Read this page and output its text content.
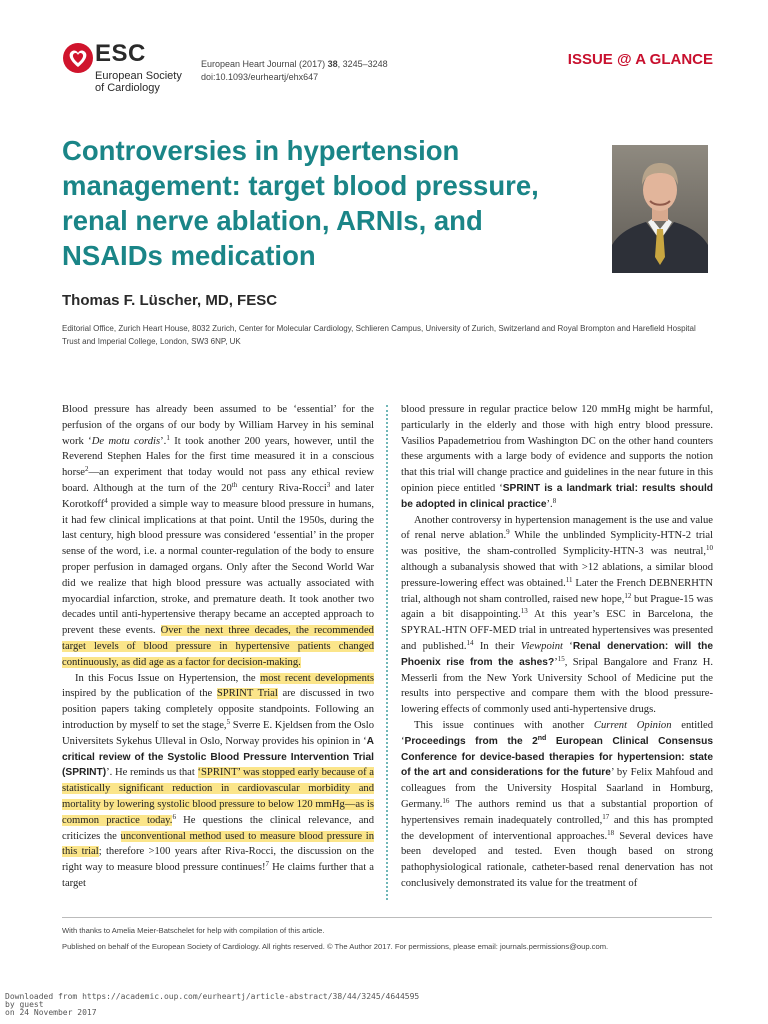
ESC
European Society
of Cardiology
European Heart Journal (2017) 38, 3245–3248
doi:10.1093/eurheartj/ehx647
ISSUE @ A GLANCE
Controversies in hypertension management: target blood pressure, renal nerve ablation, ARNIs, and NSAIDs medication
Thomas F. Lüscher, MD, FESC
Editorial Office, Zurich Heart House, 8032 Zurich, Center for Molecular Cardiology, Schlieren Campus, University of Zurich, Switzerland and Royal Brompton and Harefield Hospital Trust and Imperial College, London, SW3 6NP, UK

Blood pressure has already been assumed to be ‘essential’ for the perfusion of the organs of our body by William Harvey in his seminal work ‘De motu cordis’.$^1$ It took another 200 years, however, until the Reverend Stephen Hales for the first time measured it in a conscious horse$^2$—an experiment that today would not pass any ethical review board. Although at the turn of the 20th century Riva-Rocci$^3$ and later Korotkoff$^4$ provided a simple way to measure blood pressure in humans, it had few clinical implications at that point. Until the 1950s, during the last century, high blood pressure was considered ‘essential’ in the proper sense of the word, i.e. a normal counter-regulation of the body to ensure proper perfusion in damaged organs. Only after the Second World War did we realize that high blood pressure was actually associated with myocardial infarction, stroke, and premature death. It took another two decades until anti-hypertensive therapy became an accepted approach to prevent these events. Over the next three decades, the recommended target levels of blood pressure in hypertensive patients changed continuously, as did age as a factor for decision-making.

In this Focus Issue on Hypertension, the most recent developments inspired by the publication of the SPRINT Trial are discussed in two position papers taking completely opposite standpoints. Following an introduction by myself to set the stage,$^5$ Sverre E. Kjeldsen from the Oslo Universitets Sykehus Ulleval in Oslo, Norway provides his opinion in ‘A critical review of the Systolic Blood Pressure Intervention Trial (SPRINT)’. He reminds us that ‘SPRINT’ was stopped early because of a statistically significant reduction in cardiovascular morbidity and mortality by lowering systolic blood pressure to below 120 mmHg—as is common practice today.$^6$ He questions the clinical relevance, and criticizes the unconventional method used to measure blood pressure in this trial; therefore >100 years after Riva-Rocci, the discussion on the right way to measure blood pressure continues!$^7$ He claims further that a target

blood pressure in regular practice below 120 mmHg might be harmful, particularly in the elderly and those with high entry blood pressure. Vasilios Papademetriou from Washington DC on the other hand counters these arguments with a large body of evidence and supports the notion that this trial will change practice and guidelines in the near future in this opinion piece entitled ‘SPRINT is a landmark trial: results should be adopted in clinical practice’.$^8$

Another controversy in hypertension management is the use and value of renal nerve ablation.$^9$ While the unblinded Symplicity-HTN-2 trial was positive, the sham-controlled Symplicity-HTN-3 was neutral,$^{10}$ although a subanalysis showed that with >12 ablations, a similar blood pressure-lowering effect was obtained.$^{11}$ Later the French DEBNERHTN trial, although not sham controlled, raised new hope,$^{12}$ but Prague-15 was again a bit disappointing.$^{13}$ At this year’s ESC in Barcelona, the SPYRAL-HTN OFF-MED trial in untreated hypertensives was presented and published.$^{14}$ In their Viewpoint ‘Renal denervation: will the Phoenix rise from the ashes?’$^{15}$, Sripal Bangalore and Franz H. Messerli from the New York University School of Medicine put the results into perspective and compare them with the blood pressure-lowering effects of commonly used anti-hypertensive drugs.

This issue continues with another Current Opinion entitled ‘Proceedings from the 2nd European Clinical Consensus Conference for device-based therapies for hypertension: state of the art and considerations for the future’ by Felix Mahfoud and colleagues from the University Hospital Saarland in Homburg, Germany.$^{16}$ The authors remind us that a substantial proportion of hypertensives remain inadequately controlled,$^{17}$ and this has prompted the development of interventional approaches.$^{18}$ Several devices have been developed and tested. Even though based on strong pathophysiological rationale, catheter-based renal denervation has not conclusively demonstrated its value for the treatment of

With thanks to Amelia Meier-Batschelet for help with compilation of this article.
Published on behalf of the European Society of Cardiology. All rights reserved. © The Author 2017. For permissions, please email: journals.permissions@oup.com.
Downloaded from https://academic.oup.com/eurheartj/article-abstract/38/44/3245/4644595
by guest
on 24 November 2017
